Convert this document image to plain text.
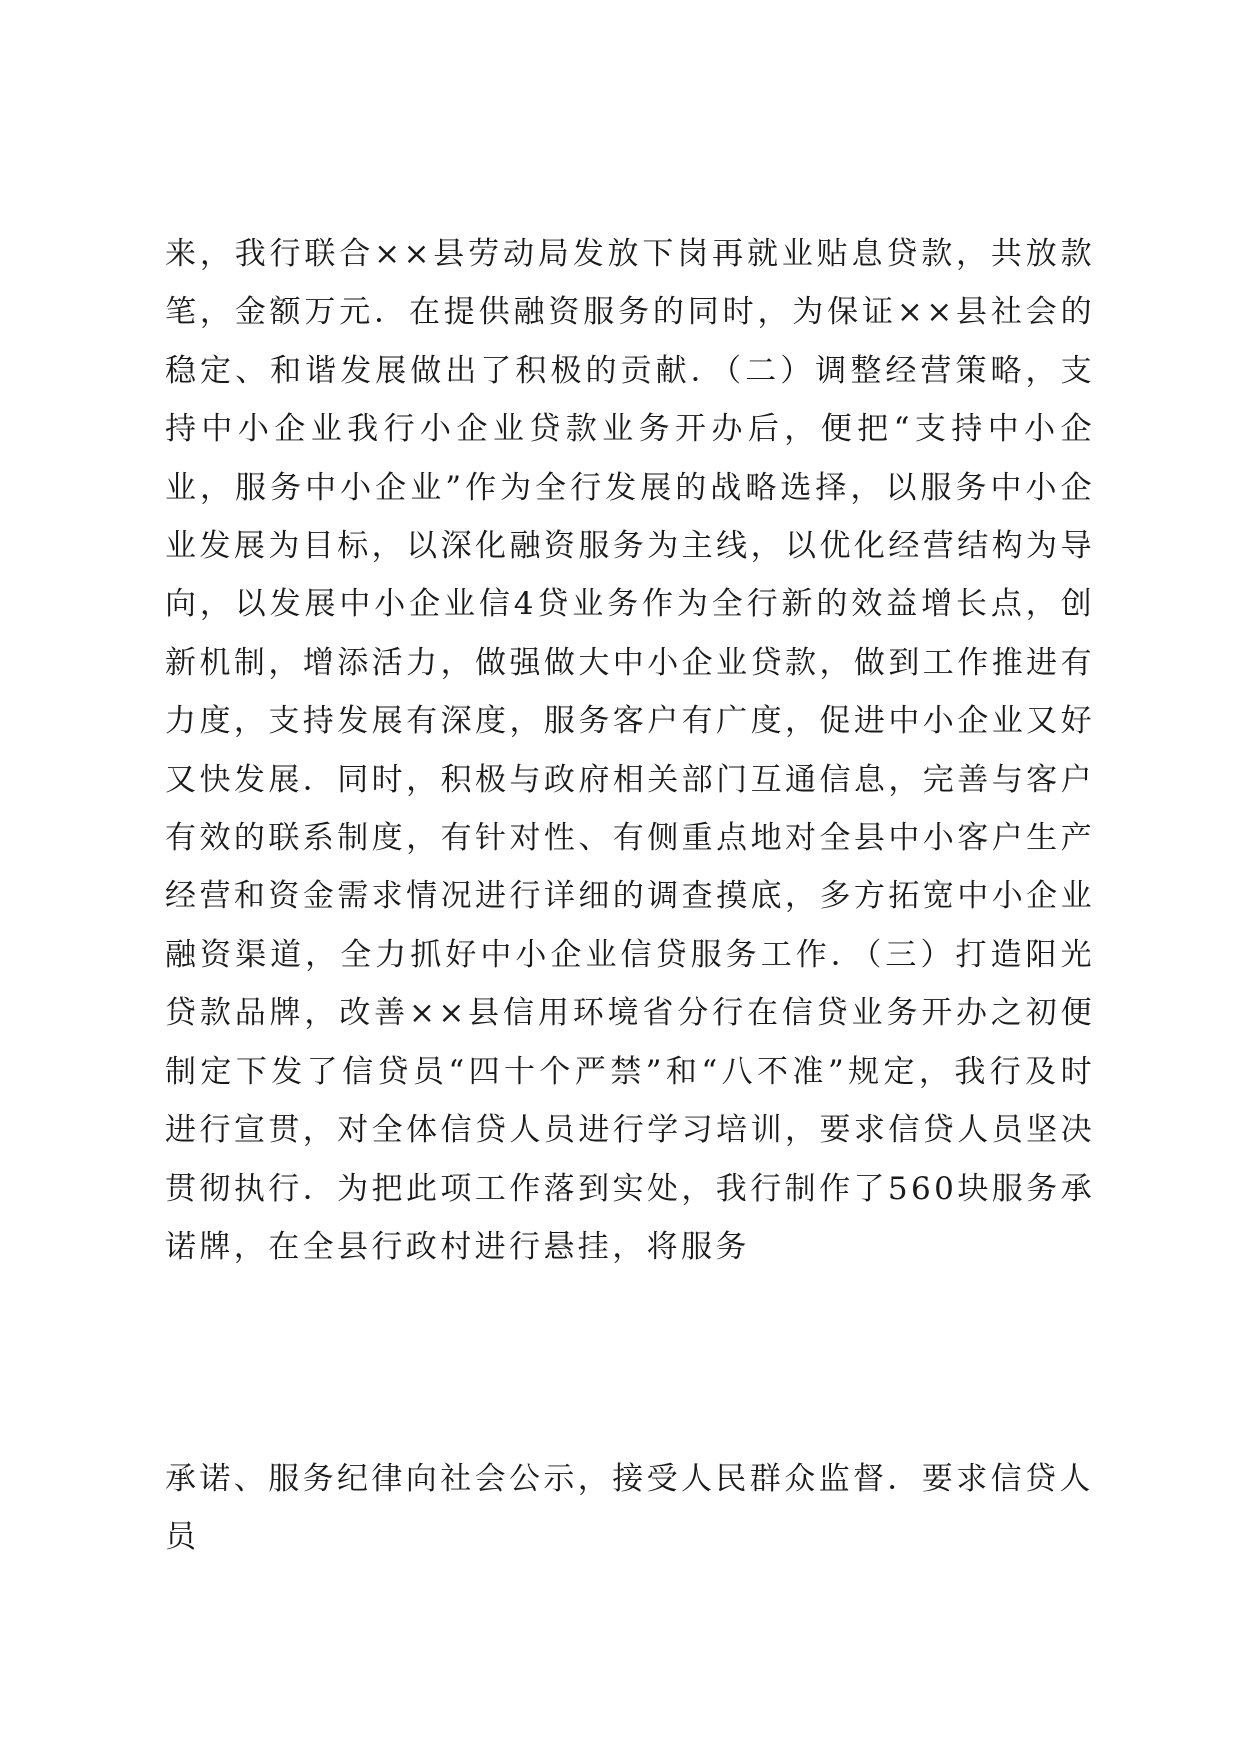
来，我行联合××县劳动局发放下岗再就业贴息贷款，共放款笔，金额万元．在提供融资服务的同时，为保证××县社会的稳定、和谐发展做出了积极的贡献．（二）调整经营策略，支持中小企业我行小企业贷款业务开办后，便把“支持中小企业，服务中小企业”作为全行发展的战略选择，以服务中小企业发展为目标，以深化融资服务为主线，以优化经营结构为导向，以发展中小企业信4贷业务作为全行新的效益增长点，创新机制，增添活力，做强做大中小企业贷款，做到工作推进有力度，支持发展有深度，服务客户有广度，促进中小企业又好又快发展．同时，积极与政府相关部门互通信息，完善与客户有效的联系制度，有针对性、有侧重点地对全县中小客户生产经营和资金需求情况进行详细的调查摸底，多方拓宽中小企业融资渠道，全力抓好中小企业信贷服务工作．（三）打造阳光贷款品牌，改善××县信用环境省分行在信贷业务开办之初便制定下发了信贷员“四十个严禁”和“八不准”规定，我行及时进行宣贯，对全体信贷人员进行学习培训，要求信贷人员坚决贯彻执行．为把此项工作落到实处，我行制作了560块服务承诺牌，在全县行政村进行悬挂，将服务
承诺、服务纪律向社会公示，接受人民群众监督．要求信贷人员
